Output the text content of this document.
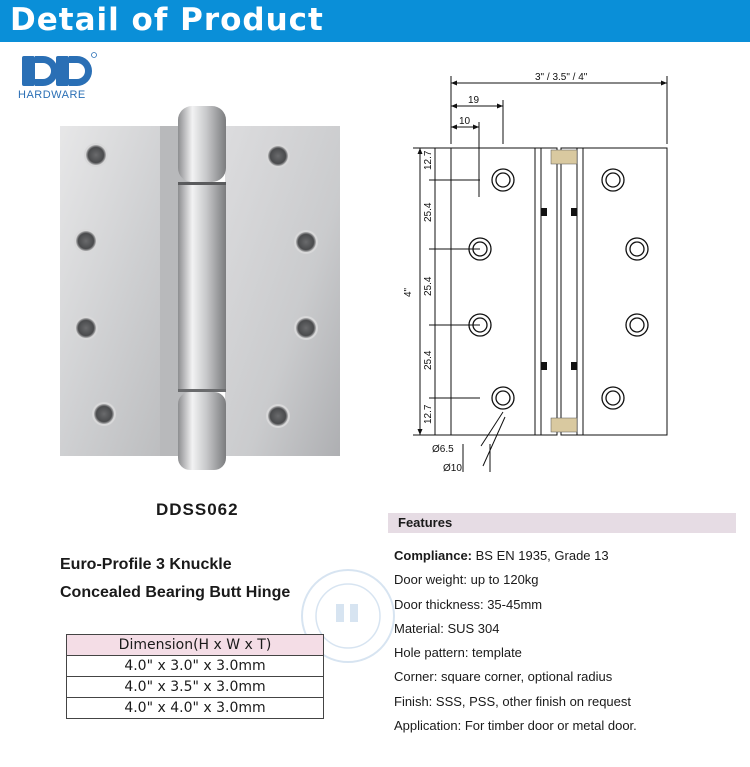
Detail of Product
HARDWARE
3" / 3.5" / 4"
19
10
4"
12.7
25.4
25.4
25.4
12.7
Ø6.5
Ø10
DDSS062
Euro-Profile 3 Knuckle
Concealed Bearing Butt Hinge
Dimension(H x W x T)
4.0" x 3.0" x 3.0mm
4.0" x 3.5" x 3.0mm
4.0" x 4.0" x 3.0mm
Features
Compliance: BS EN 1935, Grade 13
Door weight: up to 120kg
Door thickness: 35-45mm
Material: SUS 304
Hole pattern: template
Corner: square corner, optional radius
Finish: SSS, PSS, other finish on request
Application: For timber door or metal door.
